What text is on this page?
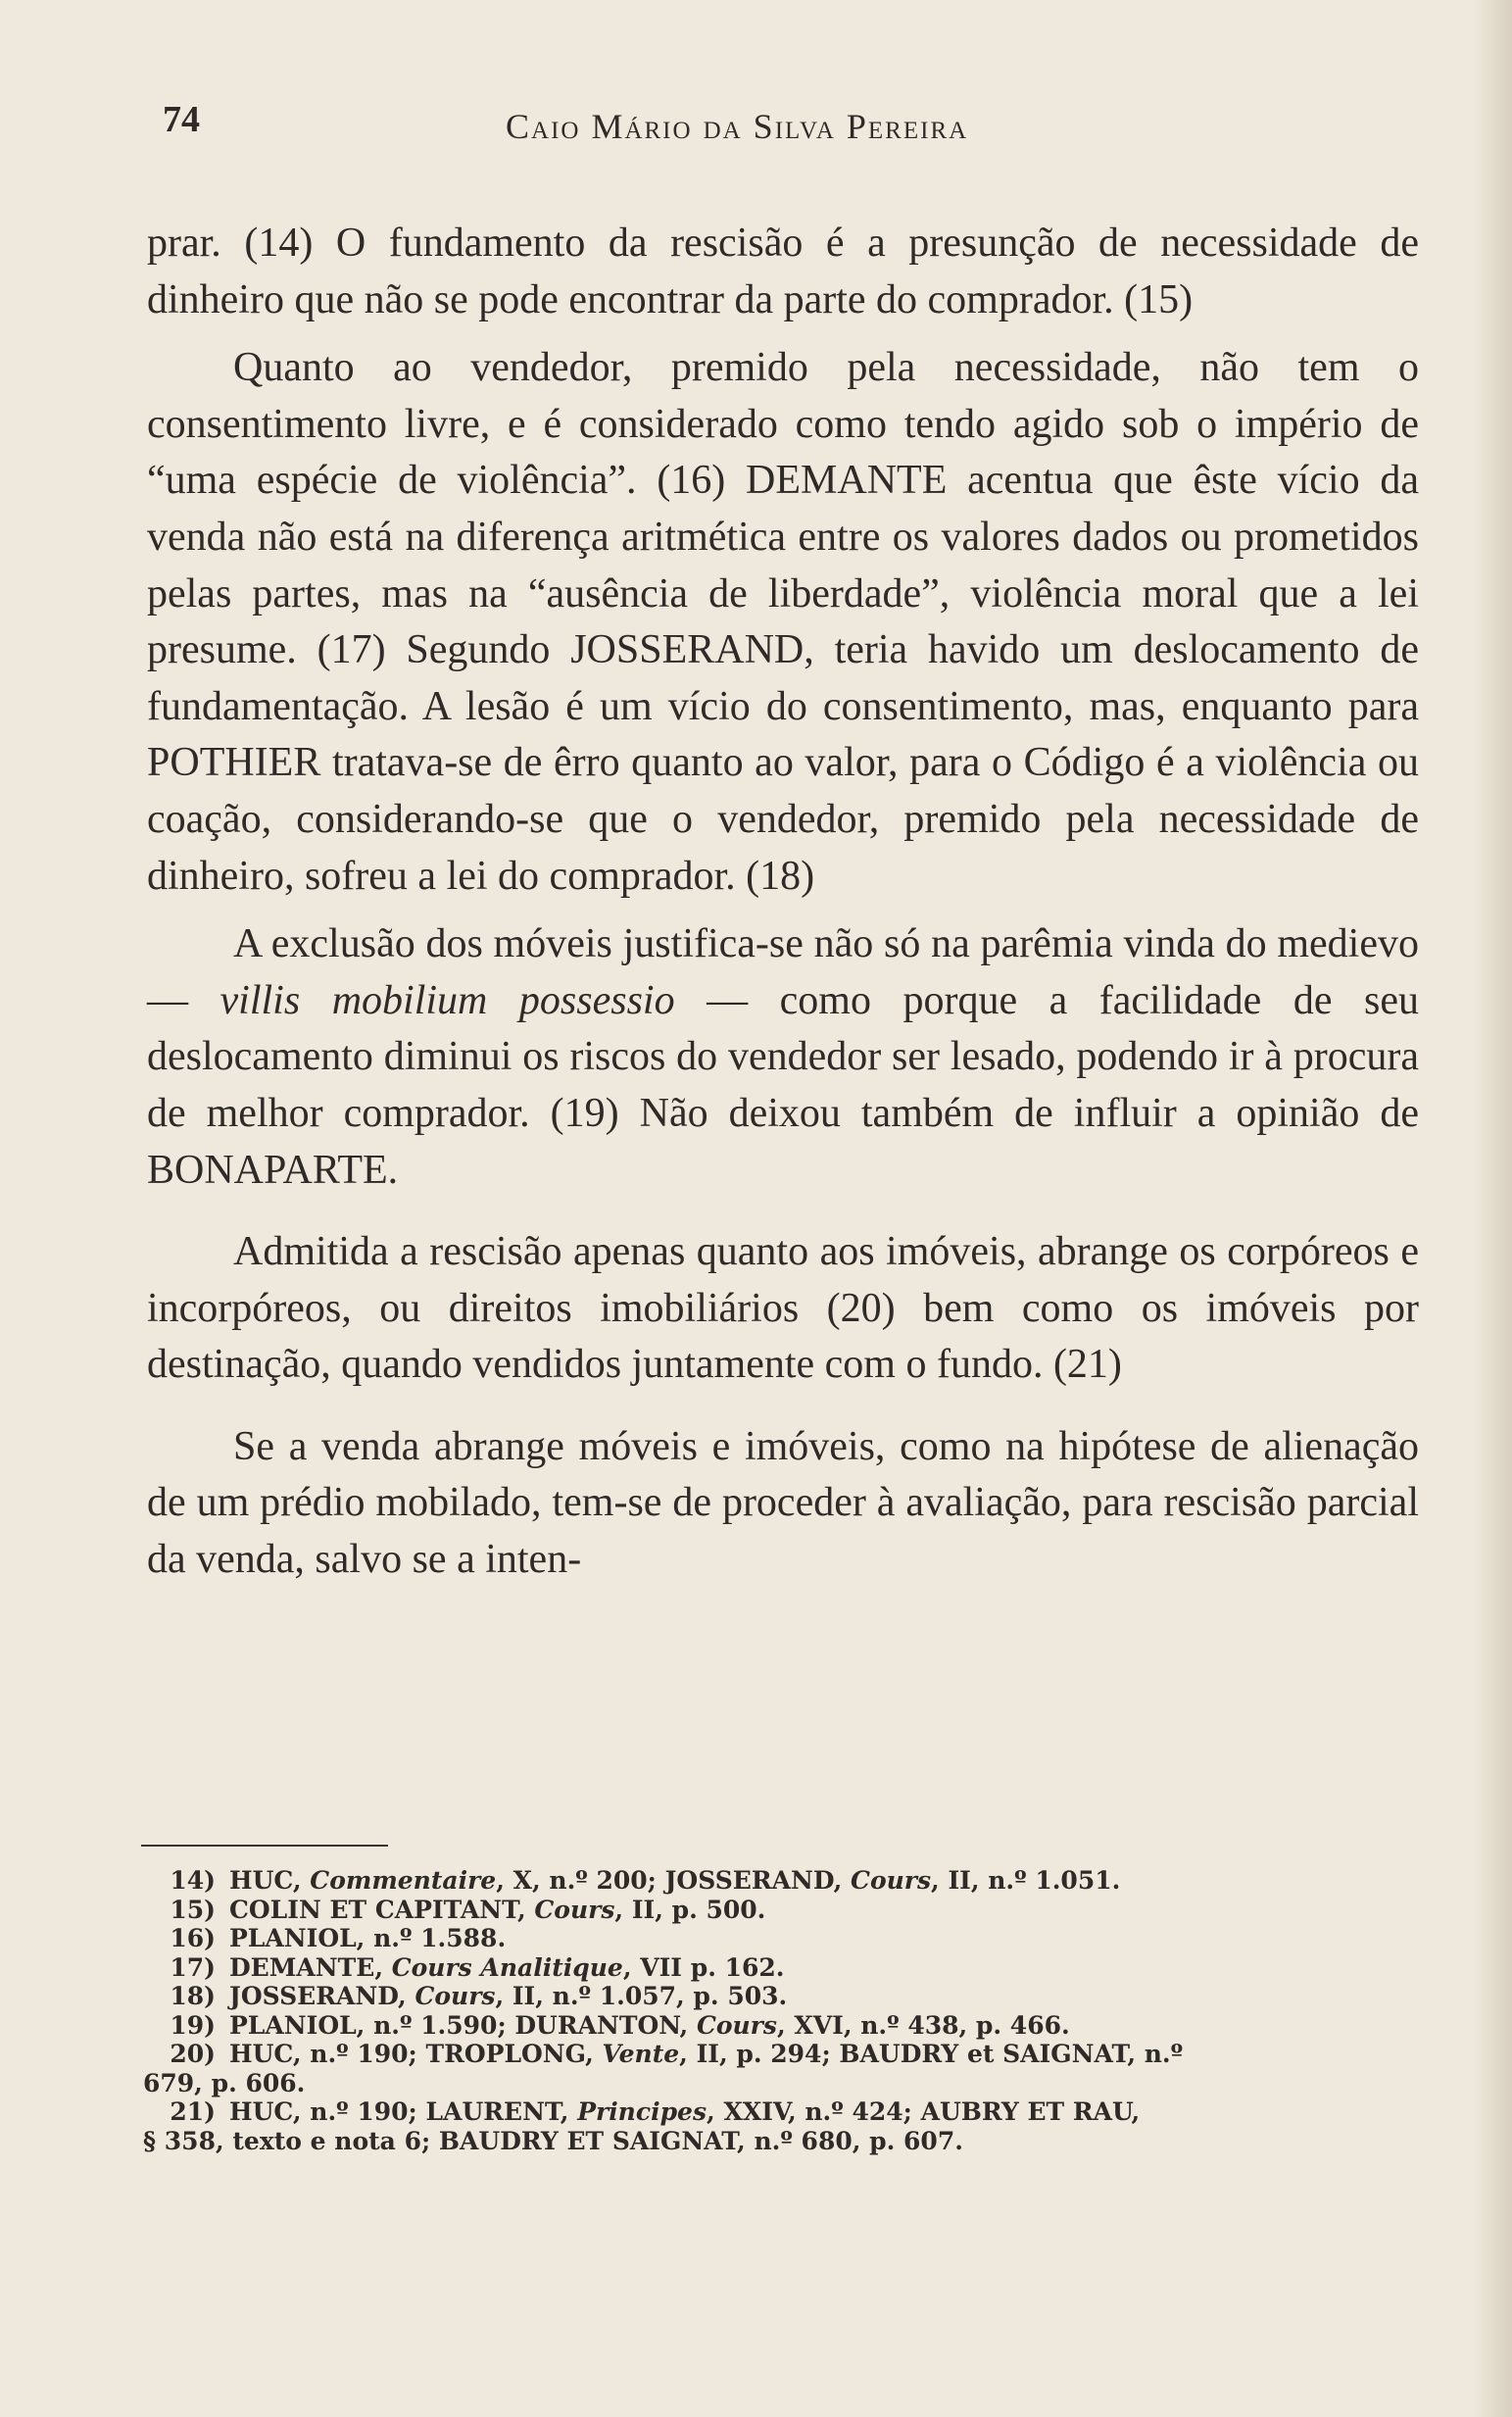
74	Caio Mário da Silva Pereira

prar. (14) O fundamento da rescisão é a presunção de necessidade de dinheiro que não se pode encontrar da parte do comprador. (15)

Quanto ao vendedor, premido pela necessidade, não tem o consentimento livre, e é considerado como tendo agido sob o império de “uma espécie de violência”. (16) DEMANTE acentua que êste vício da venda não está na diferença aritmética entre os valores dados ou prometidos pelas partes, mas na “ausência de liberdade”, violência moral que a lei presume. (17) Segundo JOSSERAND, teria havido um deslocamento de fundamentação. A lesão é um vício do consentimento, mas, enquanto para POTHIER tratava-se de êrro quanto ao valor, para o Código é a violência ou coação, considerando-se que o vendedor, premido pela necessidade de dinheiro, sofreu a lei do comprador. (18)

A exclusão dos móveis justifica-se não só na parêmia vinda do medievo — villis mobilium possessio — como porque a facilidade de seu deslocamento diminui os riscos do vendedor ser lesado, podendo ir à procura de melhor comprador. (19) Não deixou também de influir a opinião de BONAPARTE.

Admitida a rescisão apenas quanto aos imóveis, abrange os corpóreos e incorpóreos, ou direitos imobiliários (20) bem como os imóveis por destinação, quando vendidos juntamente com o fundo. (21)

Se a venda abrange móveis e imóveis, como na hipótese de alienação de um prédio mobilado, tem-se de proceder à avaliação, para rescisão parcial da venda, salvo se a inten-

14) HUC, Commentaire, X, n.º 200; JOSSERAND, Cours, II, n.º 1.051.

15) COLIN ET CAPITANT, Cours, II, p. 500.

16) PLANIOL, n.º 1.588.

17) DEMANTE, Cours Analitique, VII p. 162.

18) JOSSERAND, Cours, II, n.º 1.057, p. 503.

19) PLANIOL, n.º 1.590; DURANTON, Cours, XVI, n.º 438, p. 466.

20) HUC, n.º 190; TROPLONG, Vente, II, p. 294; BAUDRY et SAIGNAT, n.º

679, p. 606.

21) HUC, n.º 190; LAURENT, Principes, XXIV, n.º 424; AUBRY ET RAU,

§ 358, texto e nota 6; BAUDRY ET SAIGNAT, n.º 680, p. 607.
